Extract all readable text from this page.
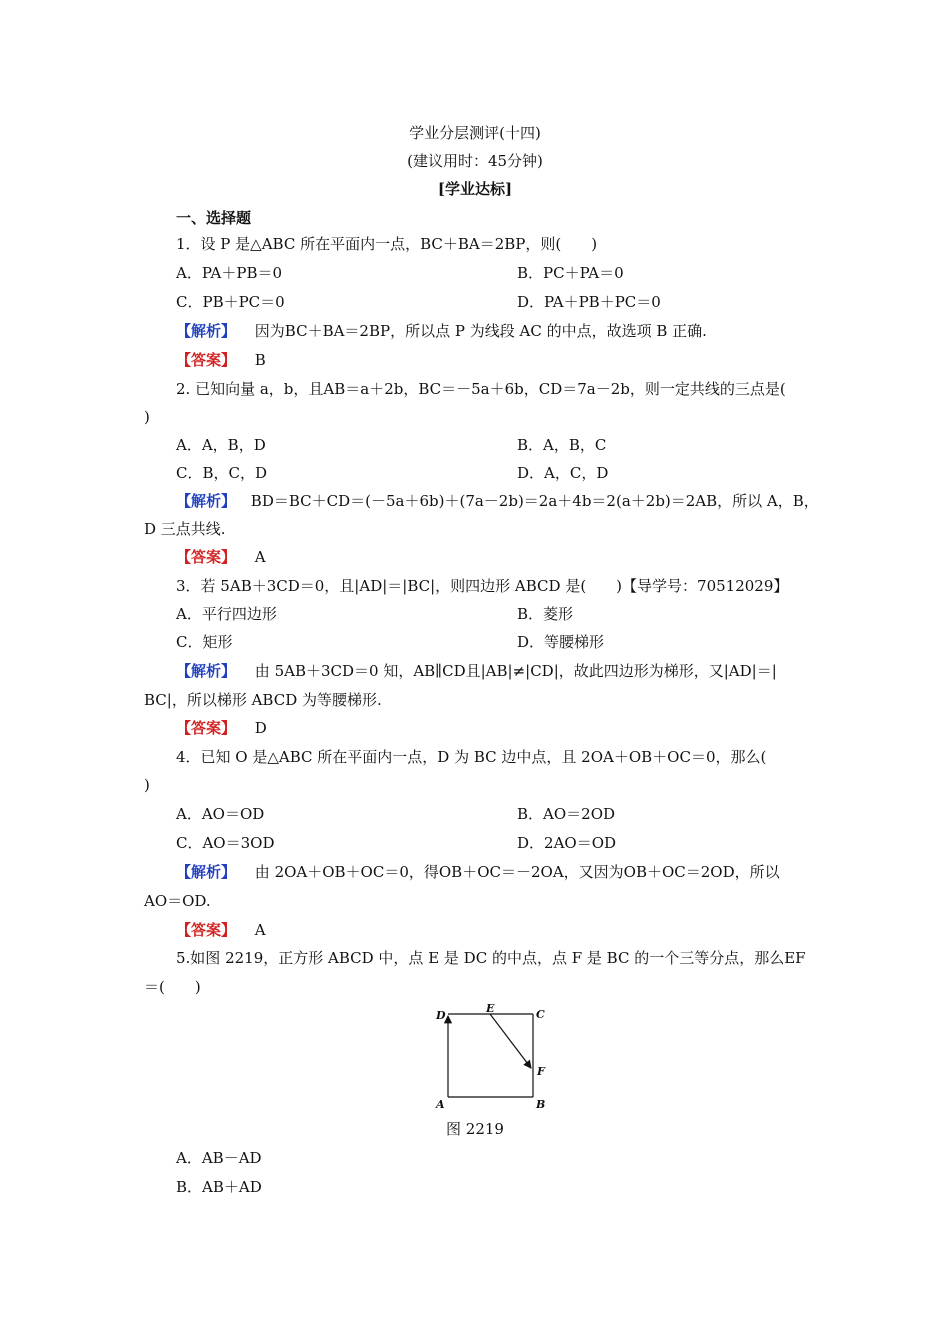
学业分层测评(十四)
(建议用时：45分钟)
[学业达标]
一、选择题
1．设 P 是△ABC 所在平面内一点，BC＋BA＝2BP，则(　　)
A．PA＋PB＝0	B．PC＋PA＝0
C．PB＋PC＝0	D．PA＋PB＋PC＝0
【解析】 因为BC＋BA＝2BP，所以点 P 为线段 AC 的中点，故选项 B 正确.
【答案】 B
2. 已知向量 a，b，且AB＝a＋2b，BC＝－5a＋6b，CD＝7a－2b，则一定共线的三点是(
)
A．A，B，D	B．A，B，C
C．B，C，D	D．A，C，D
【解析】 BD＝BC＋CD＝(－5a＋6b)＋(7a－2b)＝2a＋4b＝2(a＋2b)＝2AB，所以 A，B，
D 三点共线.
【答案】 A
3．若 5AB＋3CD＝0，且|AD|＝|BC|，则四边形 ABCD 是(　　)【导学号：70512029】
A．平行四边形	B．菱形
C．矩形	D．等腰梯形
【解析】 由 5AB＋3CD＝0 知，AB∥CD且|AB|≠|CD|，故此四边形为梯形，又|AD|＝|
BC|，所以梯形 ABCD 为等腰梯形.
【答案】 D
4．已知 O 是△ABC 所在平面内一点，D 为 BC 边中点，且 2OA＋OB＋OC＝0，那么(
)
A．AO＝OD	B．AO＝2OD
C．AO＝3OD	D．2AO＝OD
【解析】 由 2OA＋OB＋OC＝0，得OB＋OC＝－2OA，又因为OB＋OC＝2OD，所以
AO＝OD.
【答案】 A
5.如图 2219，正方形 ABCD 中，点 E 是 DC 的中点，点 F 是 BC 的一个三等分点，那么EF
＝(　　)
D
E	C
F
A	B
图 2219
A．AB－AD
B．AB＋AD
